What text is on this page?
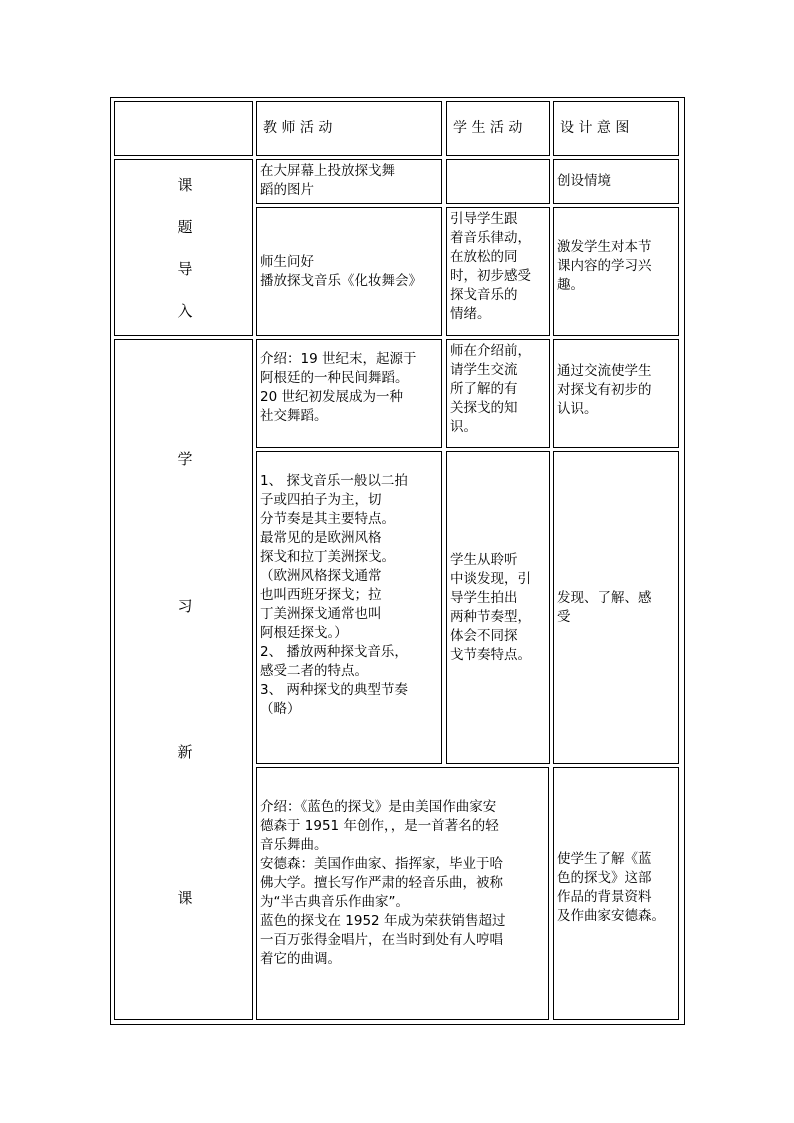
教 师 活 动	学 生 活 动	设 计 意 图
课
题
导
入
在大屏幕上投放探戈舞
蹈的图片
创设情境
师生问好
播放探戈音乐《化妆舞会》
引导学生跟
着音乐律动，
在放松的同
时，初步感受
探戈音乐的
情绪。
激发学生对本节
课内容的学习兴
趣。
学
习
新
课
介绍：19 世纪末，起源于
阿根廷的一种民间舞蹈。
20 世纪初发展成为一种
社交舞蹈。
师在介绍前，
请学生交流
所了解的有
关探戈的知
识。
通过交流使学生
对探戈有初步的
认识。
1、 探戈音乐一般以二拍
子或四拍子为主，切
分节奏是其主要特点。
最常见的是欧洲风格
探戈和拉丁美洲探戈。
（欧洲风格探戈通常
也叫西班牙探戈；拉
丁美洲探戈通常也叫
阿根廷探戈。）
2、 播放两种探戈音乐，
感受二者的特点。
3、 两种探戈的典型节奏
（略）
学生从聆听
中谈发现，引
导学生拍出
两种节奏型，
体会不同探
戈节奏特点。
发现、了解、感
受
介绍：《蓝色的探戈》是由美国作曲家安
德森于 1951 年创作，，是一首著名的轻
音乐舞曲。
安德森：美国作曲家、指挥家，毕业于哈
佛大学。擅长写作严肃的轻音乐曲，被称
为“半古典音乐作曲家”。
蓝色的探戈在 1952 年成为荣获销售超过
一百万张得金唱片，在当时到处有人哼唱
着它的曲调。
使学生了解《蓝
色的探戈》这部
作品的背景资料
及作曲家安德森。
